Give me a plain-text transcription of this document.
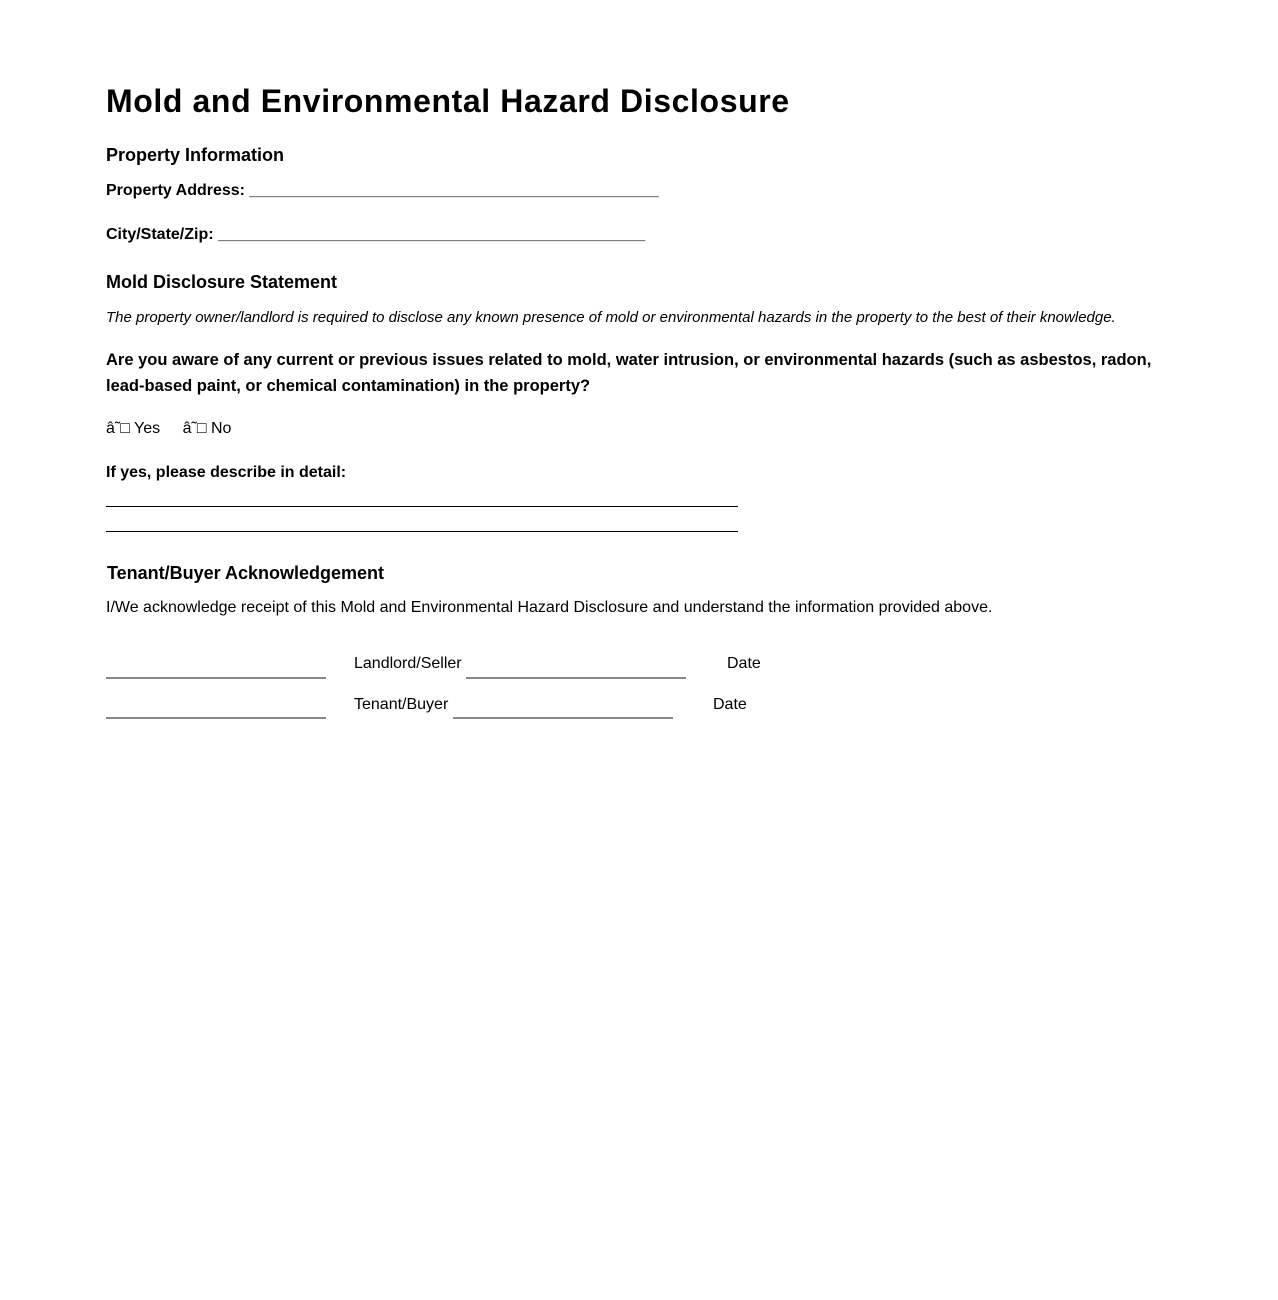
Mold and Environmental Hazard Disclosure
Property Information
Property Address: ______________________________________________
City/State/Zip: ________________________________________________
Mold Disclosure Statement
The property owner/landlord is required to disclose any known presence of mold or environmental hazards in the property to the best of their knowledge.
Are you aware of any current or previous issues related to mold, water intrusion, or environmental hazards (such as asbestos, radon, lead-based paint, or chemical contamination) in the property?
â˜□ Yes â˜□ No
If yes, please describe in detail:
Tenant/Buyer Acknowledgement
I/We acknowledge receipt of this Mold and Environmental Hazard Disclosure and understand the information provided above.
Landlord/Seller	Date
Tenant/Buyer	Date
